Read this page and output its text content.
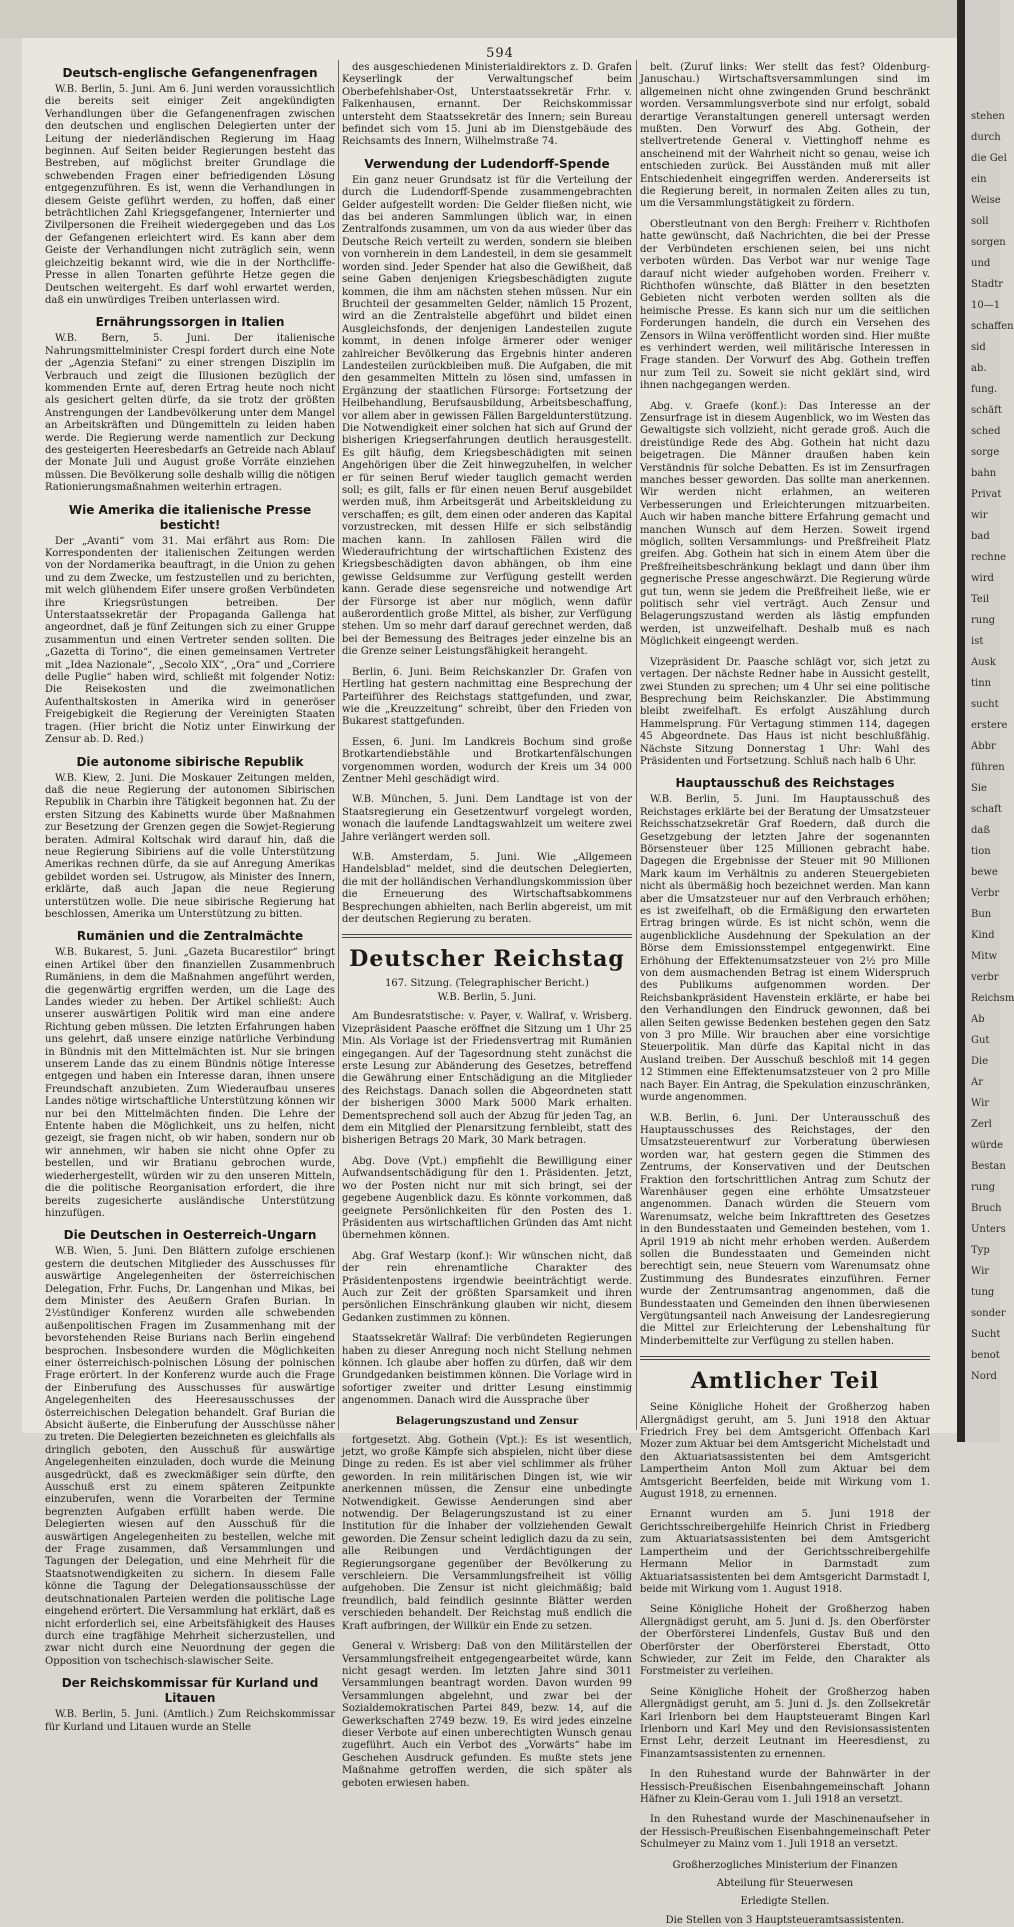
594
Deutsch-englische Gefangenenfragen

W.B. Berlin, 5. Juni. Am 6. Juni werden voraussichtlich die bereits seit einiger Zeit angekündigten Verhandlungen über die Gefangenenfragen zwischen den deutschen und englischen Delegierten unter der Leitung der niederländischen Regierung im Haag beginnen. Auf Seiten beider Regierungen besteht das Bestreben, auf möglichst breiter Grundlage die schwebenden Fragen einer befriedigenden Lösung entgegenzuführen. Es ist, wenn die Verhandlungen in diesem Geiste geführt werden, zu hoffen, daß einer beträchtlichen Zahl Kriegsgefangener, Internierter und Zivilpersonen die Freiheit wiedergegeben und das Los der Gefangenen erleichtert wird. Es kann aber dem Geiste der Verhandlungen nicht zuträglich sein, wenn gleichzeitig bekannt wird, wie die in der Northcliffe-Presse in allen Tonarten geführte Hetze gegen die Deutschen weitergeht. Es darf wohl erwartet werden, daß ein unwürdiges Treiben unterlassen wird.

Ernährungssorgen in Italien

W.B. Bern, 5. Juni. Der italienische Nahrungsmittelminister Crespi fordert durch eine Note der „Agenzia Stefani“ zu einer strengen Disziplin im Verbrauch und zeigt die Illusionen bezüglich der kommenden Ernte auf, deren Ertrag heute noch nicht als gesichert gelten dürfe, da sie trotz der größten Anstrengungen der Landbevölkerung unter dem Mangel an Arbeitskräften und Düngemitteln zu leiden haben werde. Die Regierung werde namentlich zur Deckung des gesteigerten Heeresbedarfs an Getreide nach Ablauf der Monate Juli und August große Vorräte einziehen müssen. Die Bevölkerung solle deshalb willig die nötigen Rationierungsmaßnahmen weiterhin ertragen.

Wie Amerika die italienische Presse besticht!

Der „Avanti“ vom 31. Mai erfährt aus Rom: Die Korrespondenten der italienischen Zeitungen werden von der Nordamerika beauftragt, in die Union zu gehen und zu dem Zwecke, um festzustellen und zu berichten, mit welch glühendem Eifer unsere großen Verbündeten ihre Kriegsrüstungen betreiben. Der Unterstaatssekretär der Propaganda Gallenga hat angeordnet, daß je fünf Zeitungen sich zu einer Gruppe zusammentun und einen Vertreter senden sollten. Die „Gazetta di Torino“, die einen gemeinsamen Vertreter mit „Idea Nazionale“, „Secolo XIX“, „Ora“ und „Corriere delle Puglie“ haben wird, schließt mit folgender Notiz: Die Reisekosten und die zweimonatlichen Aufenthaltskosten in Amerika wird in generöser Freigebigkeit die Regierung der Vereinigten Staaten tragen. (Hier bricht die Notiz unter Einwirkung der Zensur ab. D. Red.)

Die autonome sibirische Republik

W.B. Kiew, 2. Juni. Die Moskauer Zeitungen melden, daß die neue Regierung der autonomen Sibirischen Republik in Charbin ihre Tätigkeit begonnen hat. Zu der ersten Sitzung des Kabinetts wurde über Maßnahmen zur Besetzung der Grenzen gegen die Sowjet-Regierung beraten. Admiral Koltschak wird darauf hin, daß die neue Regierung Sibiriens auf die volle Unterstützung Amerikas rechnen dürfe, da sie auf Anregung Amerikas gebildet worden sei. Ustrugow, als Minister des Innern, erklärte, daß auch Japan die neue Regierung unterstützen wolle. Die neue sibirische Regierung hat beschlossen, Amerika um Unterstützung zu bitten.

Rumänien und die Zentralmächte

W.B. Bukarest, 5. Juni. „Gazeta Bucarestilor“ bringt einen Artikel über den finanziellen Zusammenbruch Rumäniens, in dem die Maßnahmen angeführt werden, die gegenwärtig ergriffen werden, um die Lage des Landes wieder zu heben. Der Artikel schließt: Auch unserer auswärtigen Politik wird man eine andere Richtung geben müssen. Die letzten Erfahrungen haben uns gelehrt, daß unsere einzige natürliche Verbindung in Bündnis mit den Mittelmächten ist. Nur sie bringen unserem Lande das zu einem Bündnis nötige Interesse entgegen und haben ein Interesse daran, ihnen unsere Freundschaft anzubieten. Zum Wiederaufbau unseres Landes nötige wirtschaftliche Unterstützung können wir nur bei den Mittelmächten finden. Die Lehre der Entente haben die Möglichkeit, uns zu helfen, nicht gezeigt, sie fragen nicht, ob wir haben, sondern nur ob wir annehmen, wir haben sie nicht ohne Opfer zu bestellen, und wir Bratianu gebrochen wurde, wiederhergestellt, würden wir zu den unseren Mitteln, die die politische Reorganisation erfordert, die ihre bereits zugesicherte ausländische Unterstützung hinzufügen.

Die Deutschen in Oesterreich-Ungarn

W.B. Wien, 5. Juni. Den Blättern zufolge erschienen gestern die deutschen Mitglieder des Ausschusses für auswärtige Angelegenheiten der österreichischen Delegation, Frhr. Fuchs, Dr. Langenhan und Mikas, bei dem Minister des Aeußern Grafen Burian. In 2½stündiger Konferenz wurden alle schwebenden außenpolitischen Fragen im Zusammenhang mit der bevorstehenden Reise Burians nach Berlin eingehend besprochen. Insbesondere wurden die Möglichkeiten einer österreichisch-polnischen Lösung der polnischen Frage erörtert. In der Konferenz wurde auch die Frage der Einberufung des Ausschusses für auswärtige Angelegenheiten des Heeresausschusses der österreichischen Delegation behandelt. Graf Burian die Absicht äußerte, die Einberufung der Ausschüsse näher zu treten. Die Delegierten bezeichneten es gleichfalls als dringlich geboten, den Ausschuß für auswärtige Angelegenheiten einzuladen, doch wurde die Meinung ausgedrückt, daß es zweckmäßiger sein dürfte, den Ausschuß erst zu einem späteren Zeitpunkte einzuberufen, wenn die Vorarbeiten der Termine begrenzten Aufgaben erfüllt haben werde. Die Delegierten wiesen auf den Ausschuß für die auswärtigen Angelegenheiten zu bestellen, welche mit der Frage zusammen, daß Versammlungen und Tagungen der Delegation, und eine Mehrheit für die Staatsnotwendigkeiten zu sichern. In diesem Falle könne die Tagung der Delegationsausschüsse der deutschnationalen Parteien werden die politische Lage eingehend erörtert. Die Versammlung hat erklärt, daß es nicht erforderlich sei, eine Arbeitsfähigkeit des Hauses durch eine tragfähige Mehrheit sicherzustellen, und zwar nicht durch eine Neuordnung der gegen die Opposition von tschechisch-slawischer Seite.

Der Reichskommissar für Kurland und Litauen

W.B. Berlin, 5. Juni. (Amtlich.) Zum Reichskommissar für Kurland und Litauen wurde an Stelle

des ausgeschiedenen Ministerialdirektors z. D. Grafen Keyserlingk der Verwaltungschef beim Oberbefehlshaber-Ost, Unterstaatssekretär Frhr. v. Falkenhausen, ernannt. Der Reichskommissar untersteht dem Staatssekretär des Innern; sein Bureau befindet sich vom 15. Juni ab im Dienstgebäude des Reichsamts des Innern, Wilhelmstraße 74.

Verwendung der Ludendorff-Spende

Ein ganz neuer Grundsatz ist für die Verteilung der durch die Ludendorff-Spende zusammengebrachten Gelder aufgestellt worden: Die Gelder fließen nicht, wie das bei anderen Sammlungen üblich war, in einen Zentralfonds zusammen, um von da aus wieder über das Deutsche Reich verteilt zu werden, sondern sie bleiben von vornherein in dem Landesteil, in dem sie gesammelt worden sind. Jeder Spender hat also die Gewißheit, daß seine Gaben denjenigen Kriegsbeschädigten zugute kommen, die ihm am nächsten stehen müssen. Nur ein Bruchteil der gesammelten Gelder, nämlich 15 Prozent, wird an die Zentralstelle abgeführt und bildet einen Ausgleichsfonds, der denjenigen Landesteilen zugute kommt, in denen infolge ärmerer oder weniger zahlreicher Bevölkerung das Ergebnis hinter anderen Landesteilen zurückbleiben muß. Die Aufgaben, die mit den gesammelten Mitteln zu lösen sind, umfassen in Ergänzung der staatlichen Fürsorge: Fortsetzung der Heilbehandlung, Berufsausbildung, Arbeitsbeschaffung, vor allem aber in gewissen Fällen Bargeldunterstützung. Die Notwendigkeit einer solchen hat sich auf Grund der bisherigen Kriegserfahrungen deutlich herausgestellt. Es gilt häufig, dem Kriegsbeschädigten mit seinen Angehörigen über die Zeit hinwegzuhelfen, in welcher er für seinen Beruf wieder tauglich gemacht werden soll; es gilt, falls er für einen neuen Beruf ausgebildet werden muß, ihm Arbeitsgerät und Arbeitskleidung zu verschaffen; es gilt, dem einen oder anderen das Kapital vorzustrecken, mit dessen Hilfe er sich selbständig machen kann. In zahllosen Fällen wird die Wiederaufrichtung der wirtschaftlichen Existenz des Kriegsbeschädigten davon abhängen, ob ihm eine gewisse Geldsumme zur Verfügung gestellt werden kann. Gerade diese segensreiche und notwendige Art der Fürsorge ist aber nur möglich, wenn dafür außerordentlich große Mittel, als bisher, zur Verfügung stehen. Um so mehr darf darauf gerechnet werden, daß bei der Bemessung des Beitrages jeder einzelne bis an die Grenze seiner Leistungsfähigkeit herangeht.

Berlin, 6. Juni. Beim Reichskanzler Dr. Grafen von Hertling hat gestern nachmittag eine Besprechung der Parteiführer des Reichstags stattgefunden, und zwar, wie die „Kreuzzeitung“ schreibt, über den Frieden von Bukarest stattgefunden.

Essen, 6. Juni. Im Landkreis Bochum sind große Brotkartendiebstähle und Brotkartenfälschungen vorgenommen worden, wodurch der Kreis um 34 000 Zentner Mehl geschädigt wird.

W.B. München, 5. Juni. Dem Landtage ist von der Staatsregierung ein Gesetzentwurf vorgelegt worden, wonach die laufende Landtagswahlzeit um weitere zwei Jahre verlängert werden soll.

W.B. Amsterdam, 5. Juni. Wie „Allgemeen Handelsblad“ meldet, sind die deutschen Delegierten, die mit der holländischen Verhandlungskommission über die Erneuerung des Wirtschaftsabkommens Besprechungen abhielten, nach Berlin abgereist, um mit der deutschen Regierung zu beraten.

Deutscher Reichstag
167. Sitzung. (Telegraphischer Bericht.)
W.B. Berlin, 5. Juni.

Am Bundesratstische: v. Payer, v. Wallraf, v. Wrisberg. Vizepräsident Paasche eröffnet die Sitzung um 1 Uhr 25 Min. Als Vorlage ist der Friedensvertrag mit Rumänien eingegangen. Auf der Tagesordnung steht zunächst die erste Lesung zur Abänderung des Gesetzes, betreffend die Gewährung einer Entschädigung an die Mitglieder des Reichstags. Danach sollen die Abgeordneten statt der bisherigen 3000 Mark 5000 Mark erhalten. Dementsprechend soll auch der Abzug für jeden Tag, an dem ein Mitglied der Plenarsitzung fernbleibt, statt des bisherigen Betrags 20 Mark, 30 Mark betragen.

Abg. Dove (Vpt.) empfiehlt die Bewilligung einer Aufwandsentschädigung für den 1. Präsidenten. Jetzt, wo der Posten nicht nur mit sich bringt, sei der gegebene Augenblick dazu. Es könnte vorkommen, daß geeignete Persönlichkeiten für den Posten des 1. Präsidenten aus wirtschaftlichen Gründen das Amt nicht übernehmen können.

Abg. Graf Westarp (konf.): Wir wünschen nicht, daß der rein ehrenamtliche Charakter des Präsidentenpostens irgendwie beeinträchtigt werde. Auch zur Zeit der größten Sparsamkeit und ihren persönlichen Einschränkung glauben wir nicht, diesem Gedanken zustimmen zu können.

Staatssekretär Wallraf: Die verbündeten Regierungen haben zu dieser Anregung noch nicht Stellung nehmen können. Ich glaube aber hoffen zu dürfen, daß wir dem Grundgedanken beistimmen können. Die Vorlage wird in sofortiger zweiter und dritter Lesung einstimmig angenommen. Danach wird die Aussprache über

Belagerungszustand und Zensur

fortgesetzt. Abg. Gothein (Vpt.): Es ist wesentlich, jetzt, wo große Kämpfe sich abspielen, nicht über diese Dinge zu reden. Es ist aber viel schlimmer als früher geworden. In rein militärischen Dingen ist, wie wir anerkennen müssen, die Zensur eine unbedingte Notwendigkeit. Gewisse Aenderungen sind aber notwendig. Der Belagerungszustand ist zu einer Institution für die Inhaber der vollziehenden Gewalt geworden. Die Zensur scheint lediglich dazu da zu sein, alle Reibungen und Verdächtigungen der Regierungsorgane gegenüber der Bevölkerung zu verschleiern. Die Versammlungsfreiheit ist völlig aufgehoben. Die Zensur ist nicht gleichmäßig; bald freundlich, bald feindlich gesinnte Blätter werden verschieden behandelt. Der Reichstag muß endlich die Kraft aufbringen, der Willkür ein Ende zu setzen.

General v. Wrisberg: Daß von den Militärstellen der Versammlungsfreiheit entgegengearbeitet würde, kann nicht gesagt werden. Im letzten Jahre sind 3011 Versammlungen beantragt worden. Davon wurden 99 Versammlungen abgelehnt, und zwar bei der Sozialdemokratischen Partei 849, bezw. 14, auf die Gewerkschaften 2749 bezw. 19. Es wird jedes einzelne dieser Verbote auf einen unberechtigten Wunsch genau zugeführt. Auch ein Verbot des „Vorwärts“ habe im Geschehen Ausdruck gefunden. Es mußte stets jene Maßnahme getroffen werden, die sich später als geboten erwiesen haben.

belt. (Zuruf links: Wer stellt das fest? Oldenburg-Januschau.) Wirtschaftsversammlungen sind im allgemeinen nicht ohne zwingenden Grund beschränkt worden. Versammlungsverbote sind nur erfolgt, sobald derartige Veranstaltungen generell untersagt werden mußten. Den Vorwurf des Abg. Gothein, der stellvertretende General v. Viettinghoff nehme es anscheinend mit der Wahrheit nicht so genau, weise ich entschieden zurück. Bei Ausständen muß mit aller Entschiedenheit eingegriffen werden. Andererseits ist die Regierung bereit, in normalen Zeiten alles zu tun, um die Versammlungstätigkeit zu fördern.

Oberstleutnant von den Bergh: Freiherr v. Richthofen hatte gewünscht, daß Nachrichten, die bei der Presse der Verbündeten erschienen seien, bei uns nicht verboten würden. Das Verbot war nur wenige Tage darauf nicht wieder aufgehoben worden. Freiherr v. Richthofen wünschte, daß Blätter in den besetzten Gebieten nicht verboten werden sollten als die heimische Presse. Es kann sich nur um die seitlichen Forderungen handeln, die durch ein Versehen des Zensors in Wilna veröffentlicht worden sind. Hier mußte es verhindert werden, weil militärische Interessen in Frage standen. Der Vorwurf des Abg. Gothein treffen nur zum Teil zu. Soweit sie nicht geklärt sind, wird ihnen nachgegangen werden.

Abg. v. Graefe (konf.): Das Interesse an der Zensurfrage ist in diesem Augenblick, wo im Westen das Gewaltigste sich vollzieht, nicht gerade groß. Auch die dreistündige Rede des Abg. Gothein hat nicht dazu beigetragen. Die Männer draußen haben kein Verständnis für solche Debatten. Es ist im Zensurfragen manches besser geworden. Das sollte man anerkennen. Wir werden nicht erlahmen, an weiteren Verbesserungen und Erleichterungen mitzuarbeiten. Auch wir haben manche bittere Erfahrung gemacht und manchen Wunsch auf dem Herzen. Soweit irgend möglich, sollten Versammlungs- und Preßfreiheit Platz greifen. Abg. Gothein hat sich in einem Atem über die Preßfreiheitsbeschränkung beklagt und dann über ihm gegnerische Presse angeschwärzt. Die Regierung würde gut tun, wenn sie jedem die Preßfreiheit ließe, wie er politisch sehr viel verträgt. Auch Zensur und Belagerungszustand werden als lästig empfunden werden, ist unzweifelhaft. Deshalb muß es nach Möglichkeit eingeengt werden.

Vizepräsident Dr. Paasche schlägt vor, sich jetzt zu vertagen. Der nächste Redner habe in Aussicht gestellt, zwei Stunden zu sprechen; um 4 Uhr sei eine politische Besprechung beim Reichskanzler. Die Abstimmung bleibt zweifelhaft. Es erfolgt Auszählung durch Hammelsprung. Für Vertagung stimmen 114, dagegen 45 Abgeordnete. Das Haus ist nicht beschlußfähig. Nächste Sitzung Donnerstag 1 Uhr: Wahl des Präsidenten und Fortsetzung. Schluß nach halb 6 Uhr.

Hauptausschuß des Reichstages

W.B. Berlin, 5. Juni. Im Hauptausschuß des Reichstages erklärte bei der Beratung der Umsatzsteuer Reichsschatzsekretär Graf Roedern, daß durch die Gesetzgebung der letzten Jahre der sogenannten Börsensteuer über 125 Millionen gebracht habe. Dagegen die Ergebnisse der Steuer mit 90 Millionen Mark kaum im Verhältnis zu anderen Steuergebieten nicht als übermäßig hoch bezeichnet werden. Man kann aber die Umsatzsteuer nur auf den Verbrauch erhöhen; es ist zweifelhaft, ob die Ermäßigung den erwarteten Ertrag bringen würde. Es ist nicht schön, wenn die augenblickliche Ausdehnung der Spekulation an der Börse dem Emissionsstempel entgegenwirkt. Eine Erhöhung der Effektenumsatzsteuer von 2½ pro Mille von dem ausmachenden Betrag ist einem Widerspruch des Publikums aufgenommen worden. Der Reichsbankpräsident Havenstein erklärte, er habe bei den Verhandlungen den Eindruck gewonnen, daß bei allen Seiten gewisse Bedenken bestehen gegen den Satz von 3 pro Mille. Wir brauchen aber eine vorsichtige Steuerpolitik. Man dürfe das Kapital nicht in das Ausland treiben. Der Ausschuß beschloß mit 14 gegen 12 Stimmen eine Effektenumsatzsteuer von 2 pro Mille nach Bayer. Ein Antrag, die Spekulation einzuschränken, wurde angenommen.

W.B. Berlin, 6. Juni. Der Unterausschuß des Hauptausschusses des Reichstages, der den Umsatzsteuerentwurf zur Vorberatung überwiesen worden war, hat gestern gegen die Stimmen des Zentrums, der Konservativen und der Deutschen Fraktion den fortschrittlichen Antrag zum Schutz der Warenhäuser gegen eine erhöhte Umsatzsteuer angenommen. Danach würden die Steuern vom Warenumsatz, welche beim Inkrafttreten des Gesetzes in den Bundesstaaten und Gemeinden bestehen, vom 1. April 1919 ab nicht mehr erhoben werden. Außerdem sollen die Bundesstaaten und Gemeinden nicht berechtigt sein, neue Steuern vom Warenumsatz ohne Zustimmung des Bundesrates einzuführen. Ferner wurde der Zentrumsantrag angenommen, daß die Bundesstaaten und Gemeinden den ihnen überwiesenen Vergütungsanteil nach Anweisung der Landesregierung die Mittel zur Erleichterung der Lebenshaltung für Minderbemittelte zur Verfügung zu stellen haben.

Amtlicher Teil

Seine Königliche Hoheit der Großherzog haben Allergnädigst geruht, am 5. Juni 1918 den Aktuar Friedrich Frey bei dem Amtsgericht Offenbach Karl Mozer zum Aktuar bei dem Amtsgericht Michelstadt und den Aktuariatsassistenten bei dem Amtsgericht Lampertheim Anton Moll zum Aktuar bei dem Amtsgericht Beerfelden, beide mit Wirkung vom 1. August 1918, zu ernennen.

Ernannt wurden am 5. Juni 1918 der Gerichtsschreibergehilfe Heinrich Christ in Friedberg zum Aktuariatsassistenten bei dem Amtsgericht Lampertheim und der Gerichtsschreibergehilfe Hermann Melior in Darmstadt zum Aktuariatsassistenten bei dem Amtsgericht Darmstadt I, beide mit Wirkung vom 1. August 1918.

Seine Königliche Hoheit der Großherzog haben Allergnädigst geruht, am 5. Juni d. Js. den Oberförster der Oberförsterei Lindenfels, Gustav Buß und den Oberförster der Oberförsterei Eberstadt, Otto Schwieder, zur Zeit im Felde, den Charakter als Forstmeister zu verleihen.

Seine Königliche Hoheit der Großherzog haben Allergnädigst geruht, am 5. Juni d. Js. den Zollsekretär Karl Irlenborn bei dem Hauptsteueramt Bingen Karl Irlenborn und Karl Mey und den Revisionsassistenten Ernst Lehr, derzeit Leutnant im Heeresdienst, zu Finanzamtsassistenten zu ernennen.

In den Ruhestand wurde der Bahnwärter in der Hessisch-Preußischen Eisenbahngemeinschaft Johann Häfner zu Klein-Gerau vom 1. Juli 1918 an versetzt.

In den Ruhestand wurde der Maschinenaufseher in der Hessisch-Preußischen Eisenbahngemeinschaft Peter Schulmeyer zu Mainz vom 1. Juli 1918 an versetzt.

Großherzogliches Ministerium der Finanzen
Abteilung für Steuerwesen
Erledigte Stellen.
Die Stellen von 3 Hauptsteueramtsassistenten.
stehen
durch
die Gel
ein
Weise
soll
sorgen
und
Stadtr
10—1
schaffen
sid
ab.
fung.
schäft
sched
sorge
bahn
Privat
wir
bad
rechne
wird
Teil
rung
ist
Ausk
tinn
sucht
erstere
Abbr
führen
Sie
schaft
daß
tion
bewe
Verbr
Bun
Kind
Mitw
verbr
Reichsm
Ab
Gut
Die
Ar
Wir
Zerl
würde
Bestan
rung
Bruch
Unters
Typ
Wir
tung
sonder
Sucht
benot
Nord
